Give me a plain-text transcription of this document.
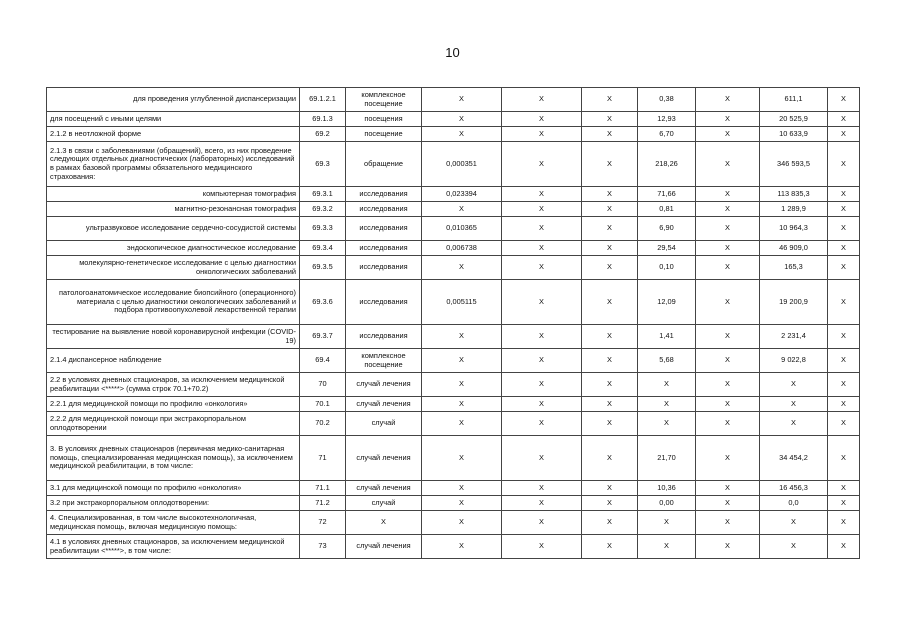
10
для проведения углубленной диспансеризации	69.1.2.1	комплексное посещение	Х	Х	Х	0,38	Х	611,1	Х
для посещений с иными целями	69.1.3	посещения	Х	Х	Х	12,93	Х	20 525,9	Х
2.1.2 в неотложной форме	69.2	посещение	Х	Х	Х	6,70	Х	10 633,9	Х
2.1.3 в связи с заболеваниями (обращений), всего, из них проведение следующих отдельных диагностических (лабораторных) исследований в рамках базовой программы обязательного медицинского страхования:	69.3	обращение	0,000351	Х	Х	218,26	Х	346 593,5	Х
компьютерная томография	69.3.1	исследования	0,023394	Х	Х	71,66	Х	113 835,3	Х
магнитно-резонансная томография	69.3.2	исследования	Х	Х	Х	0,81	Х	1 289,9	Х
ультразвуковое исследование сердечно-сосудистой системы	69.3.3	исследования	0,010365	Х	Х	6,90	Х	10 964,3	Х
эндоскопическое диагностическое исследование	69.3.4	исследования	0,006738	Х	Х	29,54	Х	46 909,0	Х
молекулярно-генетическое исследование с целью диагностики онкологических заболеваний	69.3.5	исследования	Х	Х	Х	0,10	Х	165,3	Х
патологоанатомическое исследование биопсийного (операционного) материала с целью диагностики онкологических заболеваний и подбора противоопухолевой лекарственной терапии	69.3.6	исследования	0,005115	Х	Х	12,09	Х	19 200,9	Х
тестирование на выявление новой коронавирусной инфекции (COVID-19)	69.3.7	исследования	Х	Х	Х	1,41	Х	2 231,4	Х
2.1.4 диспансерное наблюдение	69.4	комплексное посещение	Х	Х	Х	5,68	Х	9 022,8	Х
2.2 в условиях дневных стационаров, за исключением медицинской реабилитации <*****> (сумма строк 70.1+70.2)	70	случай лечения	Х	Х	Х	Х	Х	Х	Х
2.2.1 для медицинской помощи по профилю «онкология»	70.1	случай лечения	Х	Х	Х	Х	Х	Х	Х
2.2.2 для медицинской помощи при экстракорпоральном оплодотворении	70.2	случай	Х	Х	Х	Х	Х	Х	Х
3. В условиях дневных стационаров (первичная медико-санитарная помощь, специализированная медицинская помощь), за исключением медицинской реабилитации, в том числе:	71	случай лечения	Х	Х	Х	21,70	Х	34 454,2	Х
3.1 для медицинской помощи по профилю «онкология»	71.1	случай лечения	Х	Х	Х	10,36	Х	16 456,3	Х
3.2 при экстракорпоральном оплодотворении:	71.2	случай	Х	Х	Х	0,00	Х	0,0	Х
4. Специализированная, в том числе высокотехнологичная, медицинская помощь, включая медицинскую помощь:	72	Х	Х	Х	Х	Х	Х	Х	Х
4.1 в условиях дневных стационаров, за исключением медицинской реабилитации <*****>, в том числе:	73	случай лечения	Х	Х	Х	Х	Х	Х	Х
